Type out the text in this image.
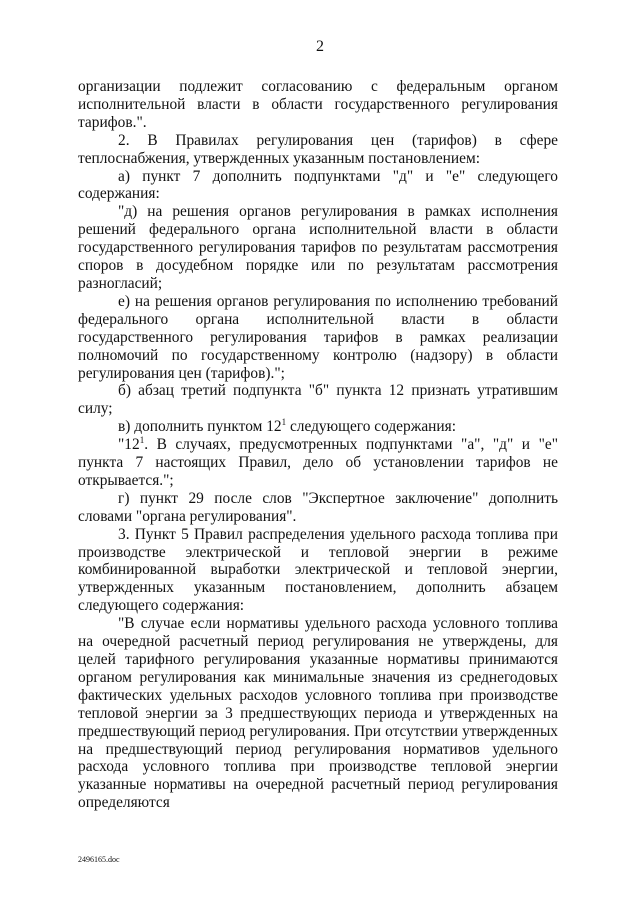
2

организации подлежит согласованию с федеральным органом исполнительной власти в области государственного регулирования тарифов.".

2. В Правилах регулирования цен (тарифов) в сфере теплоснабжения, утвержденных указанным постановлением:

а) пункт 7 дополнить подпунктами "д" и "е" следующего содержания:

"д) на решения органов регулирования в рамках исполнения решений федерального органа исполнительной власти в области государственного регулирования тарифов по результатам рассмотрения споров в досудебном порядке или по результатам рассмотрения разногласий;

е) на решения органов регулирования по исполнению требований федерального органа исполнительной власти в области государственного регулирования тарифов в рамках реализации полномочий по государственному контролю (надзору) в области регулирования цен (тарифов).";

б) абзац третий подпункта "б" пункта 12 признать утратившим силу;

в) дополнить пунктом $12^1$ следующего содержания:

"$12^1$. В случаях, предусмотренных подпунктами "а", "д" и "е" пункта 7 настоящих Правил, дело об установлении тарифов не открывается.";

г) пункт 29 после слов "Экспертное заключение" дополнить словами "органа регулирования".

3. Пункт 5 Правил распределения удельного расхода топлива при производстве электрической и тепловой энергии в режиме комбинированной выработки электрической и тепловой энергии, утвержденных указанным постановлением, дополнить абзацем следующего содержания:

"В случае если нормативы удельного расхода условного топлива на очередной расчетный период регулирования не утверждены, для целей тарифного регулирования указанные нормативы принимаются органом регулирования как минимальные значения из среднегодовых фактических удельных расходов условного топлива при производстве тепловой энергии за 3 предшествующих периода и утвержденных на предшествующий период регулирования. При отсутствии утвержденных на предшествующий период регулирования нормативов удельного расхода условного топлива при производстве тепловой энергии указанные нормативы на очередной расчетный период регулирования определяются

2496165.doc
